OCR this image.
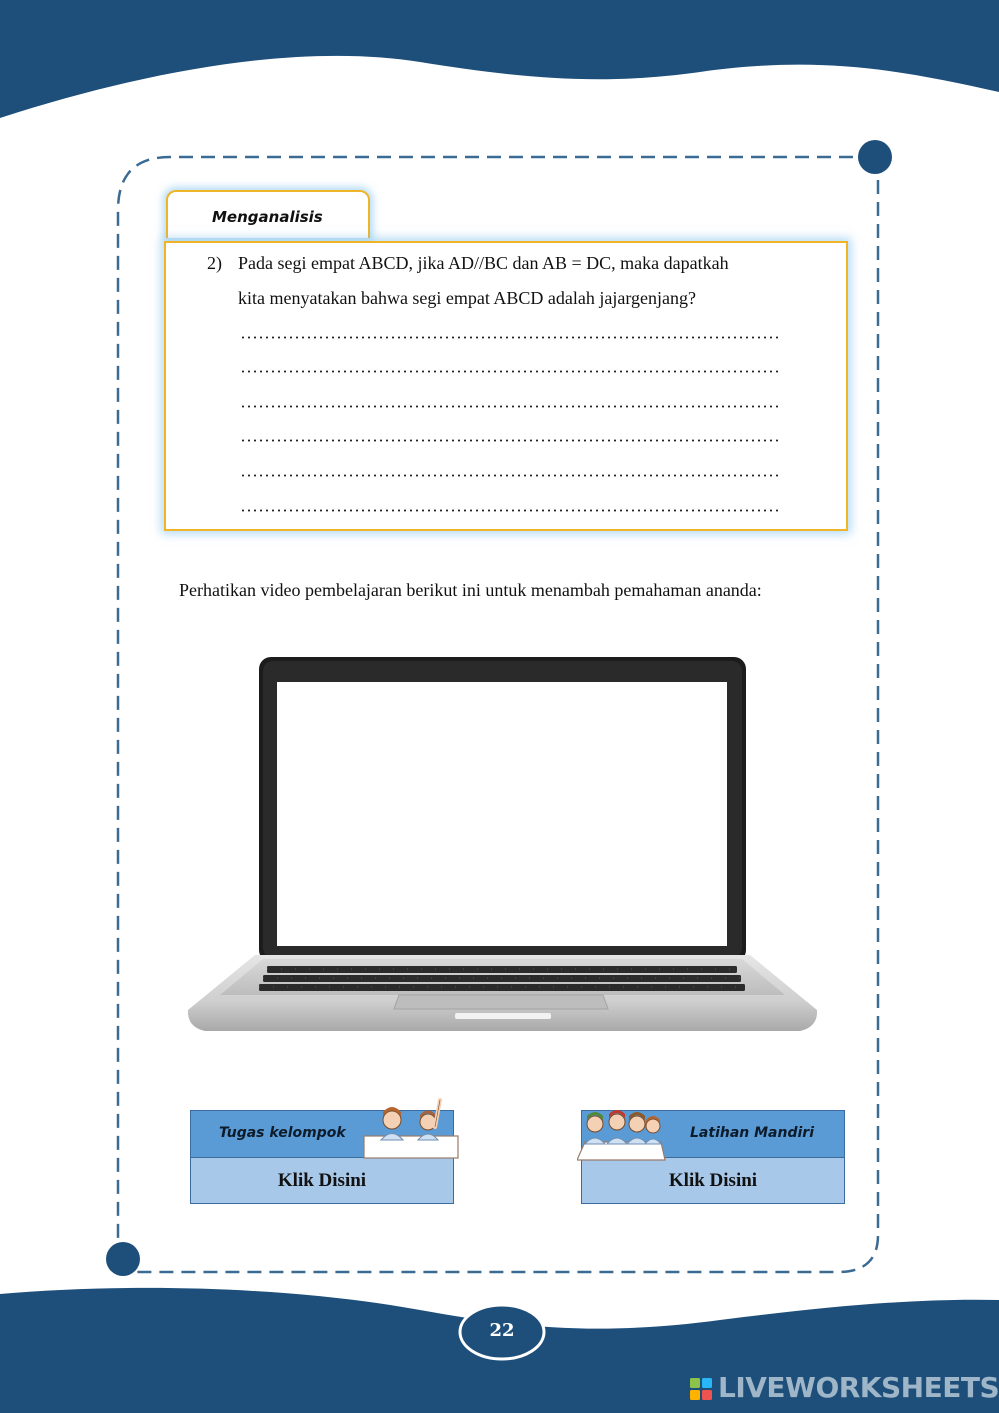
Menganalisis
2) Pada segi empat ABCD, jika AD//BC dan AB = DC, maka dapatkah
kita menyatakan bahwa segi empat ABCD adalah jajargenjang?
Perhatikan video pembelajaran berikut ini untuk menambah pemahaman ananda:
Tugas kelompok
Klik Disini
Latihan Mandiri
Klik Disini
22
LIVEWORKSHEETS
